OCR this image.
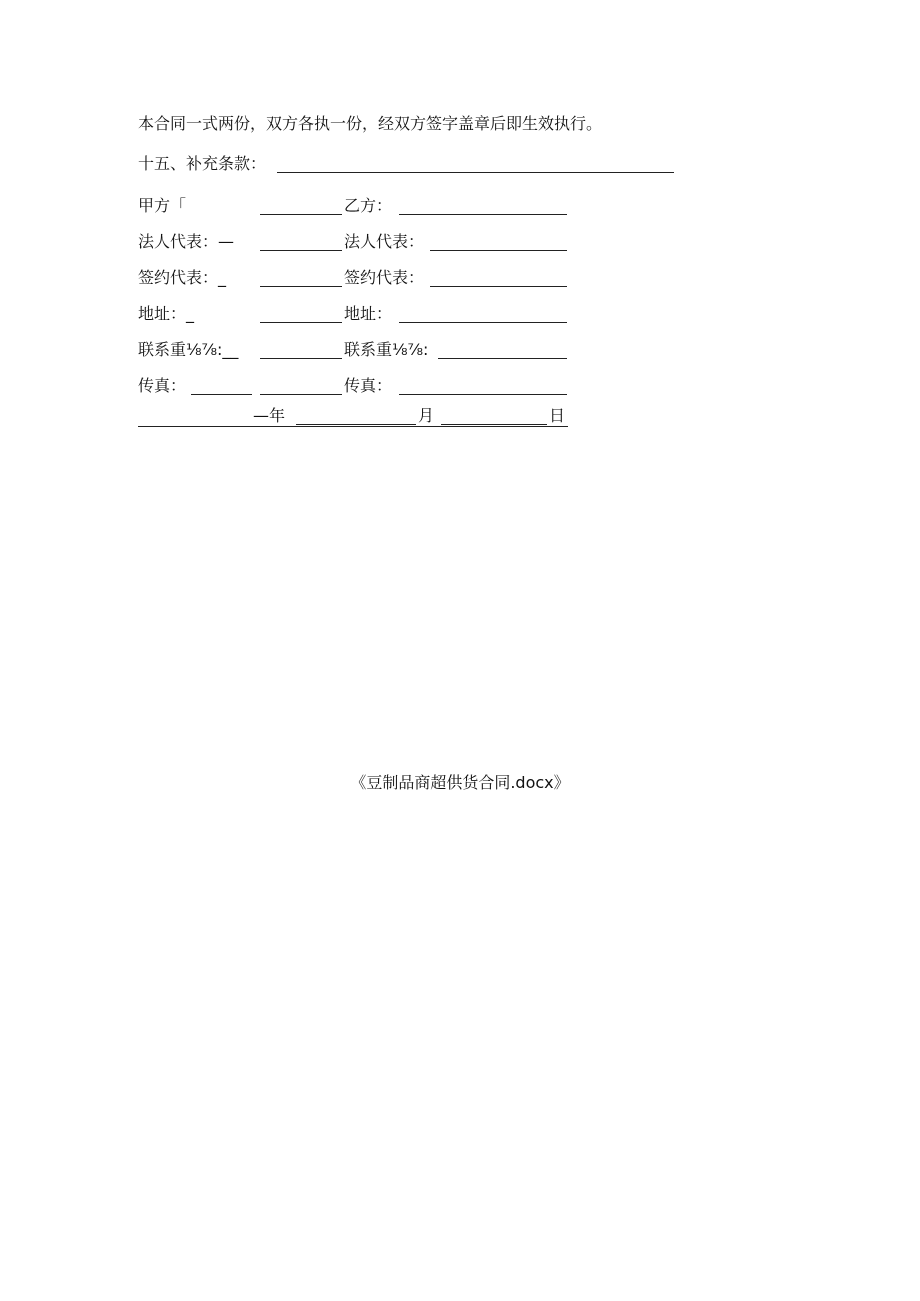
本合同一式两份，双方各执一份，经双方签字盖章后即生效执行。
十五、补充条款：
甲方「	乙方：
法人代表：—	法人代表：
签约代表：_	签约代表：
地址：_	地址：
联系重⅛⅞:__	联系重⅛⅞:
传真：	传真：
—年	月	日
《豆制品商超供货合同.docx》
